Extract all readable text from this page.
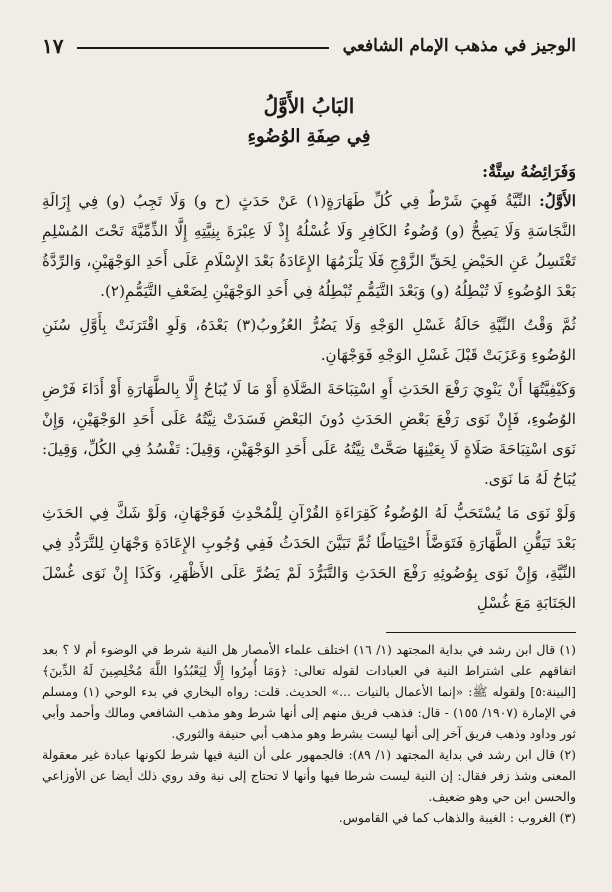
الوجيز في مذهب الإمام الشافعي
١٧
البَابُ الأَوَّلُ
فِي صِفَةِ الوُضُوءِ
وَفَرَائِضُهُ سِتَّةٌ:

الأَوَّلُ: النِّيَّةُ فَهِيَ شَرْطٌ فِي كُلِّ طَهَارَةٍ(١) عَنْ حَدَثٍ (ح و) وَلَا تَجِبُ (و) فِي إِزَالَةِ النَّجَاسَةِ وَلَا يَصِحُّ (و) وُضُوءُ الكَافِرِ وَلَا غُسْلُهُ إِذْ لَا عِبْرَةَ بِنِيَّتِهِ إِلَّا الذِّمِّيَّةَ تَحْتَ المُسْلِمِ تَغْتَسِلُ عَنِ الحَيْضِ لِحَقِّ الزَّوْجِ فَلَا يَلْزَمُهَا الإِعَادَةُ بَعْدَ الإِسْلَامِ عَلَى أَحَدِ الوَجْهَيْنِ، وَالرِّدَّةُ بَعْدَ الوُضُوءِ لَا تُبْطِلُهُ (و) وَبَعْدَ التَّيَمُّمِ تُبْطِلُهُ فِي أَحَدِ الوَجْهَيْنِ لِضَعْفِ التَّيَمُّمِ(٢).

ثُمَّ وَقْتُ النِّيَّةِ حَالَةُ غَسْلِ الوَجْهِ وَلَا يَضُرُّ العُزُوبُ(٣) بَعْدَهُ، وَلَوِ اقْتَرَنَتْ بِأَوَّلِ سُنَنِ الوُضُوءِ وَعَزَبَتْ قَبْلَ غَسْلِ الوَجْهِ فَوَجْهَانِ.

وَكَيْفِيَّتُهَا أَنْ يَنْوِيَ رَفْعَ الحَدَثِ أَوِ اسْتِبَاحَةَ الصَّلَاةِ أَوْ مَا لَا يُبَاحُ إِلَّا بِالطَّهَارَةِ أَوْ أَدَاءَ فَرْضِ الوُضُوءِ، فَإِنْ نَوَى رَفْعَ بَعْضِ الحَدَثِ دُونَ البَعْضِ فَسَدَتْ نِيَّتُهُ عَلَى أَحَدِ الوَجْهَيْنِ، وَإِنْ نَوَى اسْتِبَاحَةَ صَلَاةٍ لَا بِعَيْنِهَا صَحَّتْ نِيَّتُهُ عَلَى أَحَدِ الوَجْهَيْنِ، وَقِيلَ: تَفْسُدُ فِي الكُلِّ، وَقِيلَ: يُبَاحُ لَهُ مَا نَوَى.

وَلَوْ نَوَى مَا يُسْتَحَبُّ لَهُ الوُضُوءُ كَقِرَاءَةِ القُرْآنِ لِلْمُحْدِثِ فَوَجْهَانِ، وَلَوْ شَكَّ فِي الحَدَثِ بَعْدَ تَيَقُّنِ الطَّهَارَةِ فَتَوَضَّأَ احْتِيَاطًا ثُمَّ تَبَيَّنَ الحَدَثُ فَفِي وُجُوبِ الإِعَادَةِ وَجْهَانِ لِلتَّرَدُّدِ فِي النِّيَّةِ، وَإِنْ نَوَى بِوُضُوئِهِ رَفْعَ الحَدَثِ وَالتَّبَرُّدَ لَمْ يَضُرَّ عَلَى الأَظْهَرِ، وَكَذَا إِنْ نَوَى غُسْلَ الجَنَابَةِ مَعَ غُسْلِ

(١) قال ابن رشد في بداية المجتهد (١/ ١٦) اختلف علماء الأمصار هل النية شرط في الوضوء أم لا ؟ بعد اتفاقهم على اشتراط النية في العبادات لقوله تعالى: ﴿وَمَا أُمِرُوا إِلَّا لِيَعْبُدُوا اللَّهَ مُخْلِصِينَ لَهُ الدِّينَ﴾ [البينة:٥] ولقوله ﷺ: «إنما الأعمال بالنيات ...» الحديث. قلت: رواه البخاري في بدء الوحي (١) ومسلم في الإمارة (١٩٠٧/ ١٥٥) - قال: فذهب فريق منهم إلى أنها شرط وهو مذهب الشافعي ومالك وأحمد وأبي ثور وداود وذهب فريق آخر إلى أنها ليست بشرط وهو مذهب أبي حنيفة والثوري.

(٢) قال ابن رشد في بداية المجتهد (١/ ٨٩): فالجمهور على أن النية فيها شرط لكونها عبادة غير معقولة المعنى وشذ زفر فقال: إن النية ليست شرطا فيها وأنها لا تحتاج إلى نية وقد روي ذلك أيضا عن الأوزاعي والحسن ابن حي وهو ضعيف.

(٣) الغروب : الغيبة والذهاب كما في القاموس.
